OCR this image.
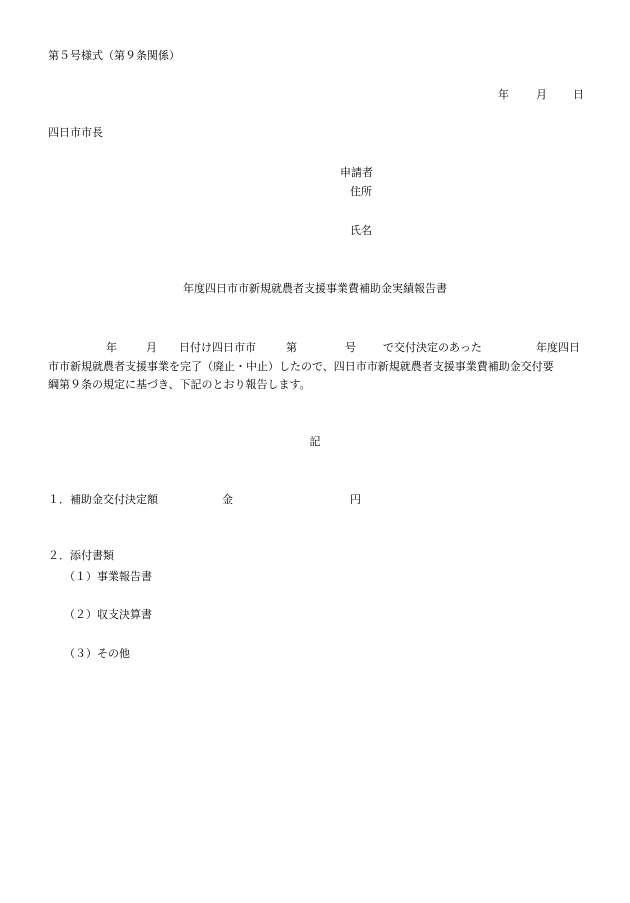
第５号様式（第９条関係）

年

月

日

四日市市長
申請者
住所
氏名
年度四日市市新規就農者支援事業費補助金実績報告書

年

	月

日付け四日市市

	第

	号

で交付決定のあった

	年度四日

市市新規就農者支援事業を完了（廃止・中止）したので、四日市市新規就農者支援事業費補助金交付要
綱第９条の規定に基づき、下記のとおり報告します。
記

１．補助金交付決定額

	金

	円

２．添付書類
（１）事業報告書
（２）収支決算書
（３）その他
